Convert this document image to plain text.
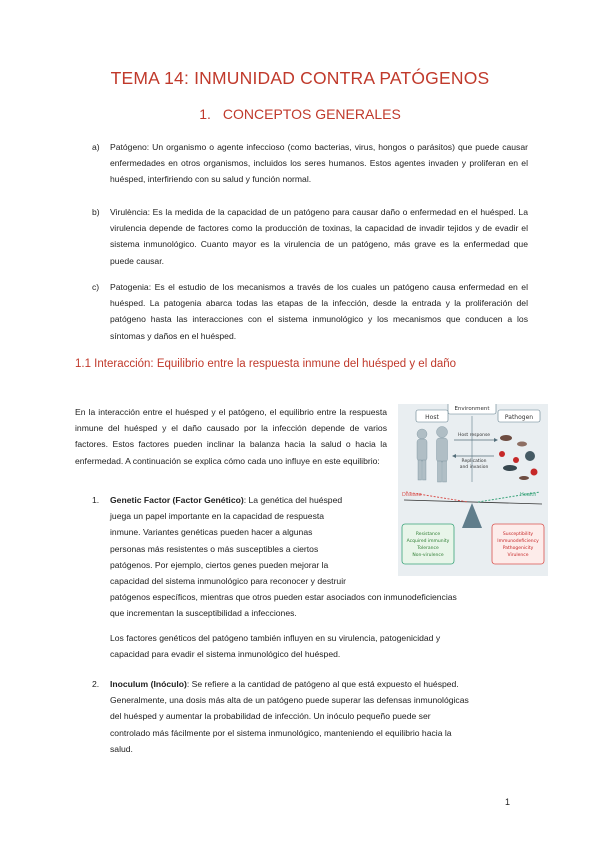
TEMA 14: INMUNIDAD CONTRA PATÓGENOS
1. CONCEPTOS GENERALES
a) Patógeno: Un organismo o agente infeccioso (como bacterias, virus, hongos o parásitos) que puede causar enfermedades en otros organismos, incluidos los seres humanos. Estos agentes invaden y proliferan en el huésped, interfiriendo con su salud y función normal.
b) Virulència: Es la medida de la capacidad de un patógeno para causar daño o enfermedad en el huésped. La virulencia depende de factores como la producción de toxinas, la capacidad de invadir tejidos y de evadir el sistema inmunológico. Cuanto mayor es la virulencia de un patógeno, más grave es la enfermedad que puede causar.
c) Patogenia: Es el estudio de los mecanismos a través de los cuales un patógeno causa enfermedad en el huésped. La patogenia abarca todas las etapas de la infección, desde la entrada y la proliferación del patógeno hasta las interacciones con el sistema inmunológico y los mecanismos que conducen a los síntomas y daños en el huésped.
1.1 Interacción: Equilibrio entre la respuesta inmune del huésped y el daño
En la interacción entre el huésped y el patógeno, el equilibrio entre la respuesta inmune del huésped y el daño causado por la infección depende de varios factores. Estos factores pueden inclinar la balanza hacia la salud o hacia la enfermedad. A continuación se explica cómo cada uno influye en este equilibrio:
Environment
Host	Pathogen
Host response
Replication
and invasion
Disease	Health
Resistance
Acquired immunity
Tolerance
Non-virulence
Susceptibility
Immunodeficiency
Pathogenicity
Virulence
1. Genetic Factor (Factor Genético): La genética del huésped
juega un papel importante en la capacidad de respuesta
inmune. Variantes genéticas pueden hacer a algunas
personas más resistentes o más susceptibles a ciertos
patógenos. Por ejemplo, ciertos genes pueden mejorar la
capacidad del sistema inmunológico para reconocer y destruir
patógenos específicos, mientras que otros pueden estar asociados con inmunodeficiencias
que incrementan la susceptibilidad a infecciones.
Los factores genéticos del patógeno también influyen en su virulencia, patogenicidad y
capacidad para evadir el sistema inmunológico del huésped.
2. Inoculum (Inóculo): Se refiere a la cantidad de patógeno al que está expuesto el huésped.
Generalmente, una dosis más alta de un patógeno puede superar las defensas inmunológicas
del huésped y aumentar la probabilidad de infección. Un inóculo pequeño puede ser
controlado más fácilmente por el sistema inmunológico, manteniendo el equilibrio hacia la
salud.
1
